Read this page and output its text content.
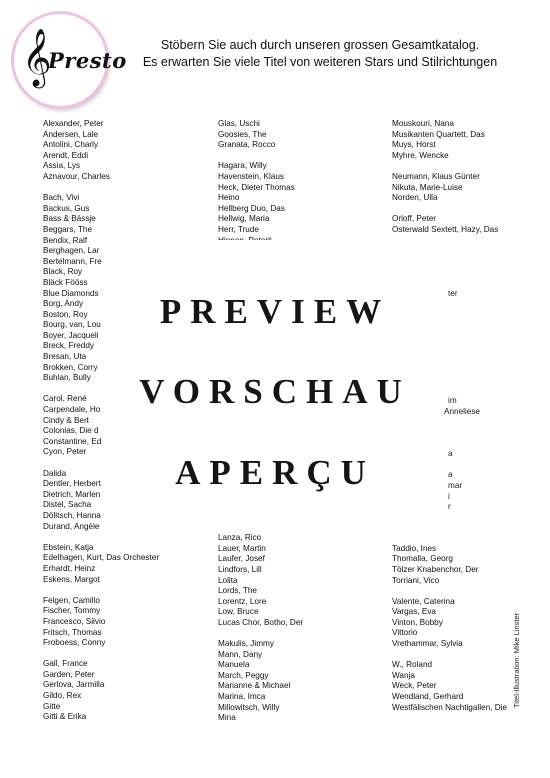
𝄞
Presto
Stöbern Sie auch durch unseren grossen Gesamtkatalog.
Es erwarten Sie viele Titel von weiteren Stars und Stilrichtungen
Alexander, Peter
Andersen, Lale
Antolini, Charly
Arendt, Eddi
Assia, Lys
Aznavour, Charles
Bach, Vivi
Backus, Gus
Bass & Bässje
Beggars, The
Bendix, Ralf
Berghagen, Lar
Bertelmann, Fre
Black, Roy
Bläck Fööss
Blue Diamonds
Borg, Andy
Boston, Roy
Bourg, van, Lou
Boyer, Jacqueli
Breck, Freddy
Bresan, Uta
Brokken, Corry
Buhlan, Bully
Carol, René
Carpendale, Ho
Cindy & Bert
Colonias, Die d
Constantine, Ed
Cyon, Peter
Dalida
Dentler, Herbert
Dietrich, Marlen
Distel, Sacha
Dölitsch, Hanna
Durand, Angèle
Ebstein, Katja
Edelhagen, Kurt, Das Orchester
Erhardt, Heinz
Eskens, Margot
Felgen, Camillo
Fischer, Tommy
Francesco, Silvio
Fritsch, Thomas
Froboess, Conny
Gall, France
Garden, Peter
Gerlova, Jarmilla
Gildo, Rex
Gitte
Gitti & Erika
Glas, Uschi
Goosies, The
Granata, Rocco
Hagara, Willy
Havenstein, Klaus
Heck, Dieter Thomas
Heino
Hellberg Duo, Das
Hellwig, Maria
Herr, Trude
Lanza, Rico
Lauer, Martin
Laufer, Josef
Lindfors, Lill
Lolita
Lords, The
Lorentz, Lore
Low, Bruce
Lucas Chor, Botho, Der
Makulis, Jimmy
Mann, Dany
Manuela
March, Peggy
Marianne & Michael
Marina, Imca
Millowitsch, Willy
Mina
Mouskouri, Nana
Musikanten Quartett, Das
Muys, Horst
Myhre, Wencke
Neumann, Klaus Günter
Nikuta, Marie-Luise
Norden, Ulla
Orloff, Peter
Osterwald Sextett, Hazy, Das
Taddio, Ines
Thomalla, Georg
Tölzer Knabenchor, Der
Torriani, Vico
Valente, Caterina
Vargas, Eva
Vinton, Bobby
Vittorio
Vrethammar, Sylvia
W., Roland
Wanja
Weck, Peter
Wendland, Gerhard
Westfälischen Nachtigallen, Die
ter
im
Anneliese
a
a
mar
i
r
PREVIEW
VORSCHAU
APERÇU
Titel-Illustration: Mike Linster
